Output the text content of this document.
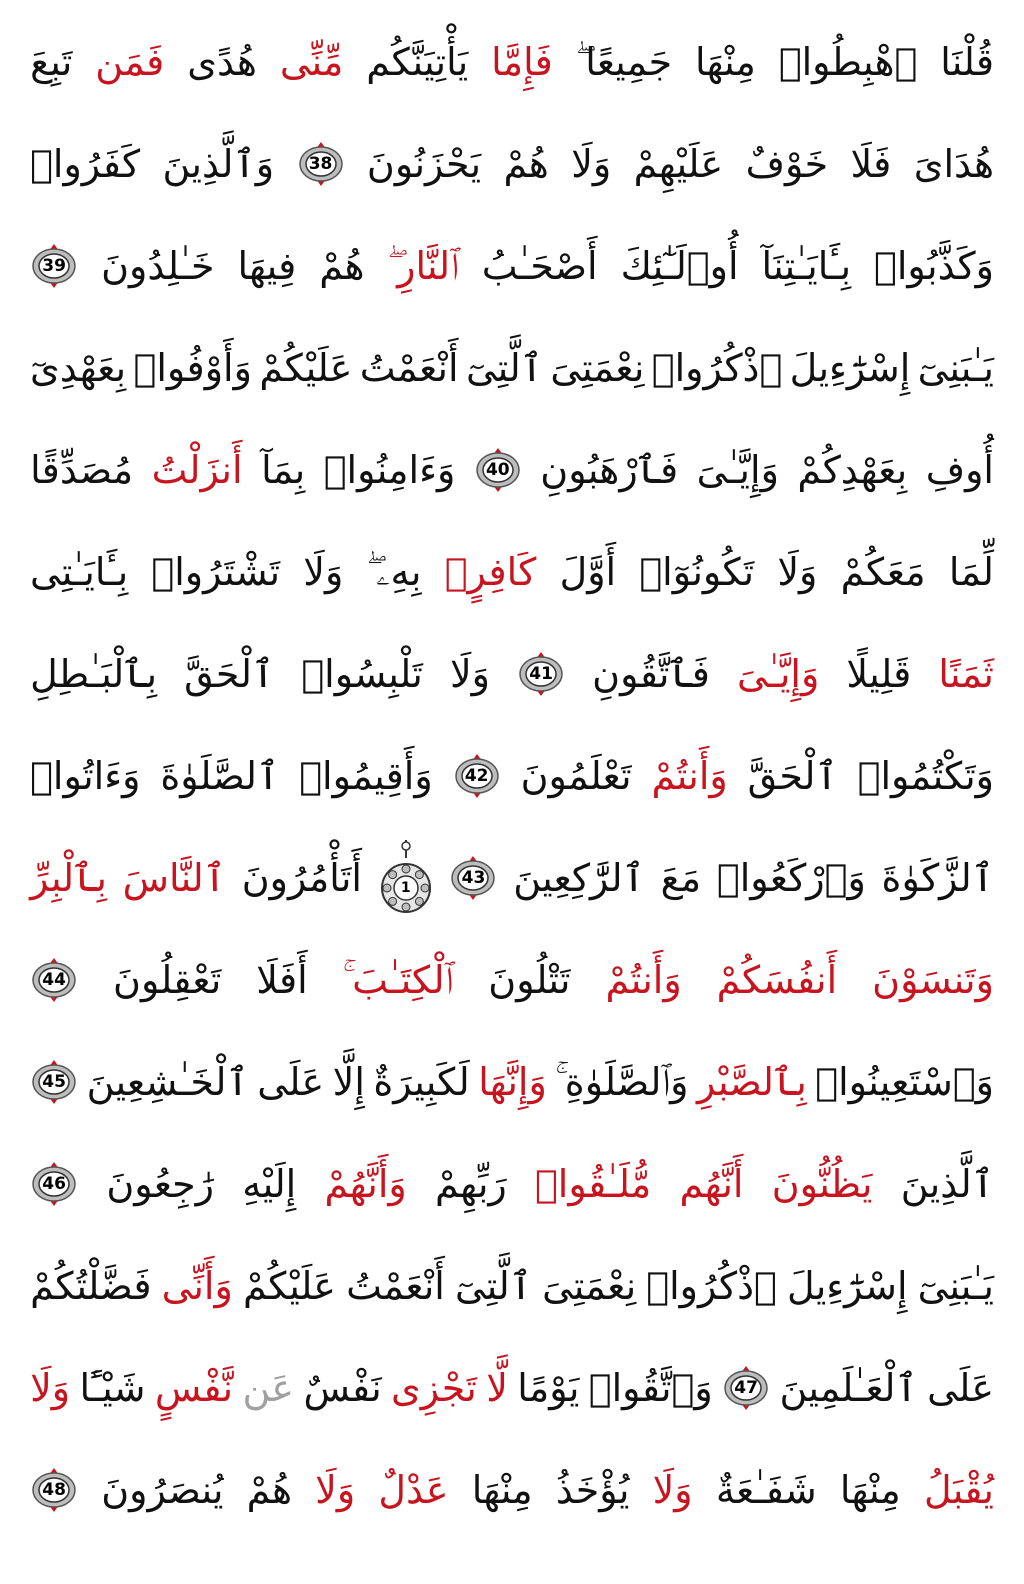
قُلْنَا
ٱهْبِطُوا۟
مِنْهَا
جَمِيعًا ۖ
فَإِمَّا
يَأْتِيَنَّكُم
مِّنِّى
هُدًى
فَمَن
تَبِعَ
هُدَاىَ
فَلَا
خَوْفٌ
عَلَيْهِمْ
وَلَا
هُمْ
يَحْزَنُونَ
38
وَٱلَّذِينَ
كَفَرُوا۟
وَكَذَّبُوا۟
بِـَٔايَـٰتِنَآ
أُو۟لَـٰٓئِكَ
أَصْحَـٰبُ
ٱلنَّارِ ۖ
هُمْ
فِيهَا
خَـٰلِدُونَ
39
يَـٰبَنِىٓ
إِسْرَٰٓءِيلَ
ٱذْكُرُوا۟
نِعْمَتِىَ
ٱلَّتِىٓ
أَنْعَمْتُ
عَلَيْكُمْ
وَأَوْفُوا۟
بِعَهْدِىٓ
أُوفِ
بِعَهْدِكُمْ
وَإِيَّـٰىَ
فَٱرْهَبُونِ
40
وَءَامِنُوا۟
بِمَآ
أَنزَلْتُ
مُصَدِّقًا
لِّمَا
مَعَكُمْ
وَلَا
تَكُونُوٓا۟
أَوَّلَ
كَافِرٍۭ
بِهِۦ ۖ
وَلَا
تَشْتَرُوا۟
بِـَٔايَـٰتِى
ثَمَنًا
قَلِيلًا
وَإِيَّـٰىَ
فَٱتَّقُونِ
41
وَلَا
تَلْبِسُوا۟
ٱلْحَقَّ
بِٱلْبَـٰطِلِ
وَتَكْتُمُوا۟
ٱلْحَقَّ
وَأَنتُمْ
تَعْلَمُونَ
42
وَأَقِيمُوا۟
ٱلصَّلَوٰةَ
وَءَاتُوا۟
ٱلزَّكَوٰةَ
وَٱرْكَعُوا۟
مَعَ
ٱلرَّٰكِعِينَ
43
1
أَتَأْمُرُونَ
ٱلنَّاسَ
بِٱلْبِرِّ
وَتَنسَوْنَ
أَنفُسَكُمْ
وَأَنتُمْ
تَتْلُونَ
ٱلْكِتَـٰبَ ۚ
أَفَلَا
تَعْقِلُونَ
44
وَٱسْتَعِينُوا۟
بِٱلصَّبْرِ
وَٱلصَّلَوٰةِ ۚ
وَإِنَّهَا
لَكَبِيرَةٌ
إِلَّا
عَلَى
ٱلْخَـٰشِعِينَ
45
ٱلَّذِينَ
يَظُنُّونَ
أَنَّهُم
مُّلَـٰقُوا۟
رَبِّهِمْ
وَأَنَّهُمْ
إِلَيْهِ
رَٰجِعُونَ
46
يَـٰبَنِىٓ
إِسْرَٰٓءِيلَ
ٱذْكُرُوا۟
نِعْمَتِىَ
ٱلَّتِىٓ
أَنْعَمْتُ
عَلَيْكُمْ
وَأَنِّى
فَضَّلْتُكُمْ
عَلَى
ٱلْعَـٰلَمِينَ
47
وَٱتَّقُوا۟
يَوْمًا
لَّا
تَجْزِى
نَفْسٌ
عَن
نَّفْسٍ
شَيْـًٔا
وَلَا
يُقْبَلُ
مِنْهَا
شَفَـٰعَةٌ
وَلَا
يُؤْخَذُ
مِنْهَا
عَدْلٌ
وَلَا
هُمْ
يُنصَرُونَ
48
